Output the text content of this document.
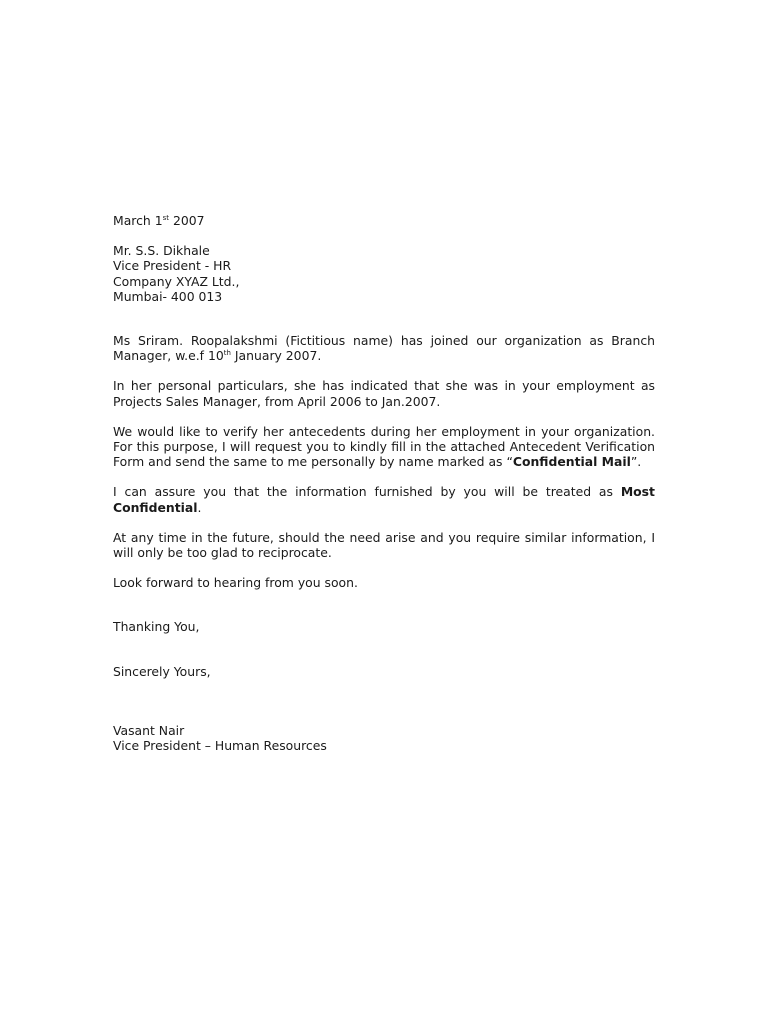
March 1st 2007
Mr. S.S. Dikhale
Vice President - HR
Company XYAZ Ltd.,
Mumbai- 400 013

Ms Sriram. Roopalakshmi (Fictitious name) has joined our organization as Branch Manager, w.e.f 10th January 2007.

In her personal particulars, she has indicated that she was in your employment as Projects Sales Manager, from April 2006 to Jan.2007.

We would like to verify her antecedents during her employment in your organization. For this purpose, I will request you to kindly fill in the attached Antecedent Verification Form and send the same to me personally by name marked as “Confidential Mail”.

I can assure you that the information furnished by you will be treated as Most Confidential.

At any time in the future, should the need arise and you require similar information, I will only be too glad to reciprocate.

Look forward to hearing from you soon.

Thanking You,
Sincerely Yours,
Vasant Nair
Vice President – Human Resources
